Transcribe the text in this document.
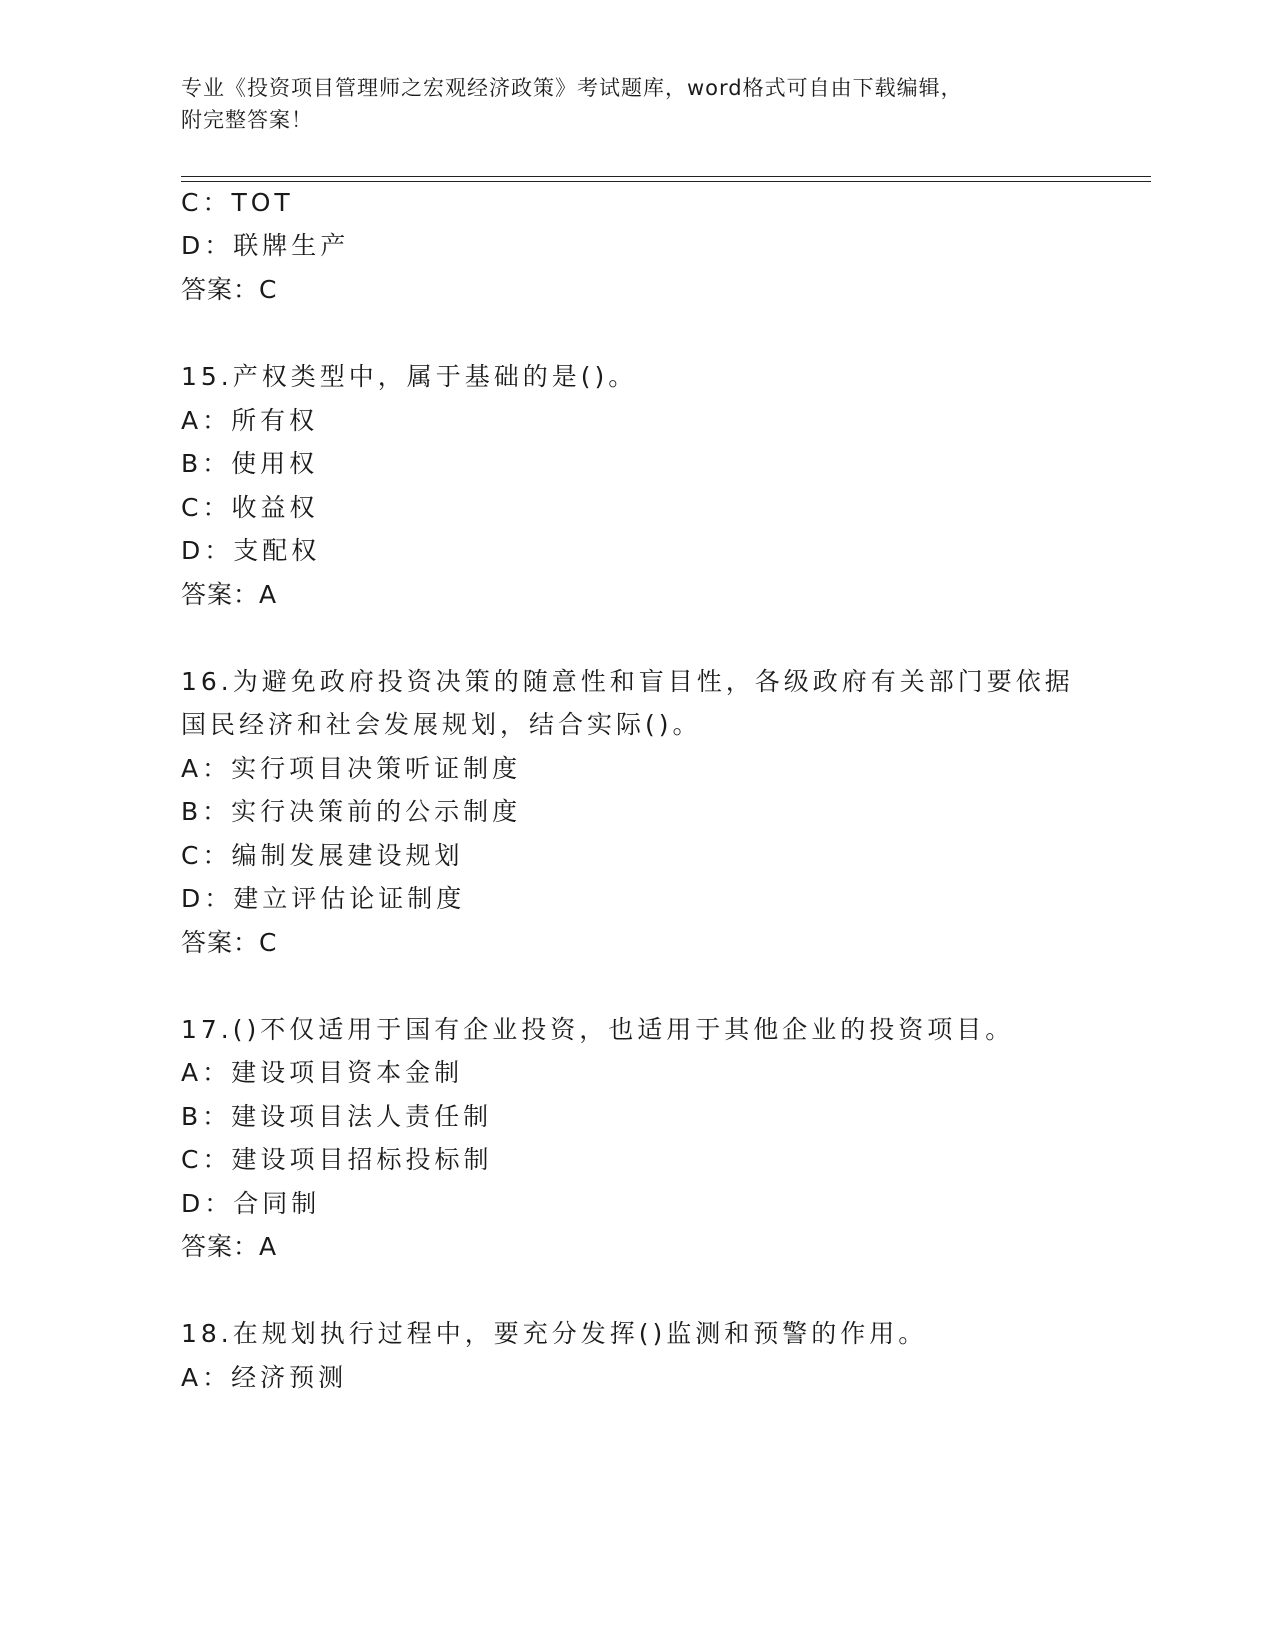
专业《投资项目管理师之宏观经济政策》考试题库，word格式可自由下载编辑，
附完整答案！
C：TOT
D：联牌生产
答案：C
15.产权类型中，属于基础的是()。
A：所有权
B：使用权
C：收益权
D：支配权
答案：A
16.为避免政府投资决策的随意性和盲目性，各级政府有关部门要依据
国民经济和社会发展规划，结合实际()。
A：实行项目决策听证制度
B：实行决策前的公示制度
C：编制发展建设规划
D：建立评估论证制度
答案：C
17.()不仅适用于国有企业投资，也适用于其他企业的投资项目。
A：建设项目资本金制
B：建设项目法人责任制
C：建设项目招标投标制
D：合同制
答案：A
18.在规划执行过程中，要充分发挥()监测和预警的作用。
A：经济预测
